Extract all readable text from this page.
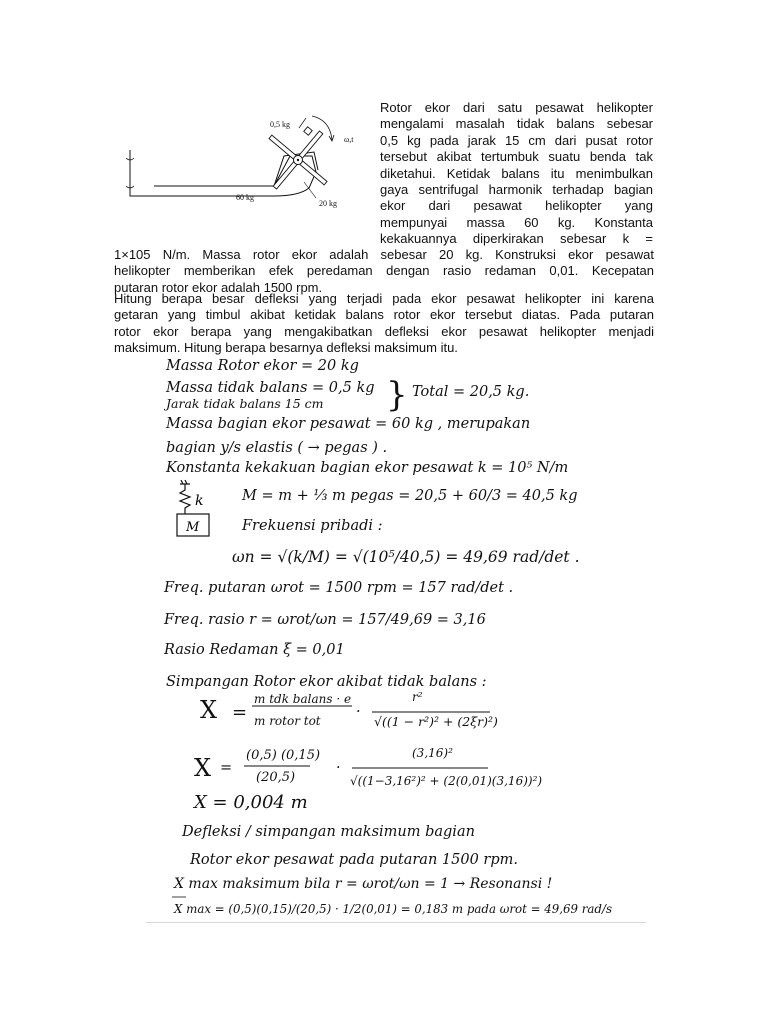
0,5 kg
ω,t
60 kg
20 kg
Rotor ekor dari satu pesawat helikopter
mengalami masalah tidak balans sebesar
0,5 kg pada jarak 15 cm dari pusat rotor
tersebut akibat tertumbuk suatu benda tak
diketahui. Ketidak balans itu menimbulkan
gaya sentrifugal harmonik terhadap bagian
ekor dari pesawat helikopter yang
mempunyai massa 60 kg. Konstanta
kekakuannya diperkirakan sebesar k =
1×105 N/m. Massa rotor ekor adalah sebesar 20 kg. Konstruksi ekor pesawat
helikopter memberikan efek peredaman dengan rasio redaman 0,01. Kecepatan
putaran rotor ekor adalah 1500 rpm.
Hitung berapa besar defleksi yang terjadi pada ekor pesawat helikopter ini karena
getaran yang timbul akibat ketidak balans rotor ekor tersebut diatas. Pada putaran
rotor ekor berapa yang mengakibatkan defleksi ekor pesawat helikopter menjadi
maksimum. Hitung berapa besarnya defleksi maksimum itu.
Massa Rotor ekor = 20 kg
Massa tidak balans = 0,5 kg
Jarak tidak balans 15 cm } Total = 20,5 kg.
Massa bagian ekor pesawat = 60 kg , merupakan
bagian y/s elastis ( → pegas ) .
Konstanta kekakuan bagian ekor pesawat k = 10⁵ N/m
M = m + ⅓ m pegas = 20,5 + 60/3 = 40,5 kg
Frekuensi pribadi :
ωn = √(k/M) = √(10⁵/40,5) = 49,69 rad/det .
Freq. putaran ωrot = 1500 rpm = 157 rad/det .
Freq. rasio r = ωrot/ωn = 157/49,69 = 3,16
Rasio Redaman ξ = 0,01
Simpangan Rotor ekor akibat tidak balans :
X =
m tdk balans · e
m rotor tot
·
r²
√((1 − r²)² + (2ξr)²)
X =
(0,5) (0,15)
(20,5)
·
(3,16)²
√((1−3,16²)² + (2(0,01)(3,16))²)
X = 0,004 m
Defleksi / simpangan maksimum bagian
Rotor ekor pesawat pada putaran 1500 rpm.
X max maksimum bila r = ωrot/ωn = 1 → Resonansi !
X max = (0,5)(0,15)/(20,5) · 1/2(0,01) = 0,183 m pada ωrot = 49,69 rad/s
k
M
